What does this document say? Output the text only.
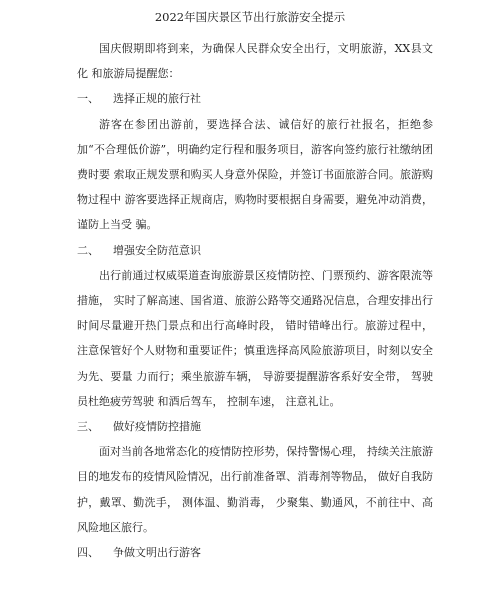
2022年国庆景区节出行旅游安全提示

国庆假期即将到来，为确保人民群众安全出行，文明旅游，XX县文化 和旅游局提醒您：

一、 选择正规的旅行社

游客在参团出游前，要选择合法、诚信好的旅行社报名，拒绝参加“不合理低价游”，明确约定行程和服务项目，游客向签约旅行社缴纳团费时要 索取正规发票和购买人身意外保险，并签订书面旅游合同。旅游购物过程中 游客要选择正规商店，购物时要根据自身需要，避免冲动消费，谨防上当受 骗。

二、 增强安全防范意识

出行前通过权威渠道查询旅游景区疫情防控、门票预约、游客限流等措施， 实时了解高速、国省道、旅游公路等交通路况信息，合理安排出行时间尽量避开热门景点和出行高峰时段， 错时错峰出行。旅游过程中， 注意保管好个人财物和重要证件；慎重选择高风险旅游项目，时刻以安全为先、要量 力而行；乘坐旅游车辆， 导游要提醒游客系好安全带， 驾驶员杜绝疲劳驾驶 和酒后驾车， 控制车速， 注意礼让。

三、 做好疫情防控措施

面对当前各地常态化的疫情防控形势，保持警惕心理， 持续关注旅游目的地发布的疫情风险情况，出行前准备罩、消毒剂等物品， 做好自我防护，戴罩、勤洗手， 测体温、勤消毒， 少聚集、勤通风，不前往中、高风险地区旅行。

四、 争做文明出行游客
